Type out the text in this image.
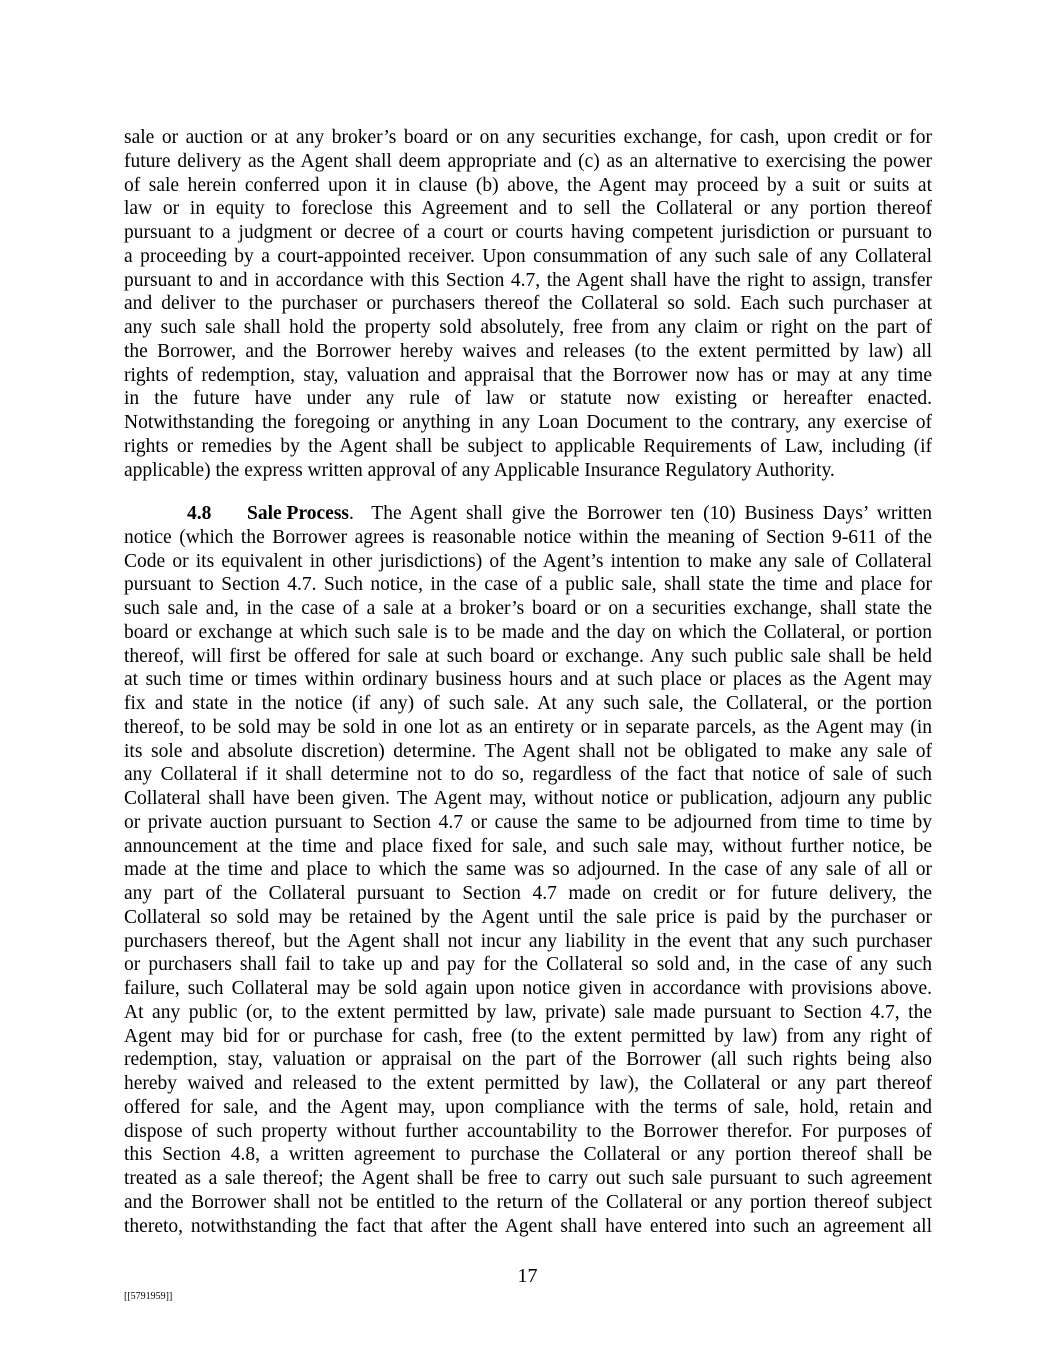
sale or auction or at any broker’s board or on any securities exchange, for cash, upon credit or for
future delivery as the Agent shall deem appropriate and (c) as an alternative to exercising the power
of sale herein conferred upon it in clause (b) above, the Agent may proceed by a suit or suits at
law or in equity to foreclose this Agreement and to sell the Collateral or any portion thereof
pursuant to a judgment or decree of a court or courts having competent jurisdiction or pursuant to
a proceeding by a court-appointed receiver. Upon consummation of any such sale of any Collateral
pursuant to and in accordance with this Section 4.7, the Agent shall have the right to assign, transfer
and deliver to the purchaser or purchasers thereof the Collateral so sold. Each such purchaser at
any such sale shall hold the property sold absolutely, free from any claim or right on the part of
the Borrower, and the Borrower hereby waives and releases (to the extent permitted by law) all
rights of redemption, stay, valuation and appraisal that the Borrower now has or may at any time
in the future have under any rule of law or statute now existing or hereafter enacted.
Notwithstanding the foregoing or anything in any Loan Document to the contrary, any exercise of
rights or remedies by the Agent shall be subject to applicable Requirements of Law, including (if
applicable) the express written approval of any Applicable Insurance Regulatory Authority.
4.8	Sale Process .  The Agent shall give the Borrower ten (10) Business Days’ written
notice (which the Borrower agrees is reasonable notice within the meaning of Section 9-611 of the
Code or its equivalent in other jurisdictions) of the Agent’s intention to make any sale of Collateral
pursuant to Section 4.7. Such notice, in the case of a public sale, shall state the time and place for
such sale and, in the case of a sale at a broker’s board or on a securities exchange, shall state the
board or exchange at which such sale is to be made and the day on which the Collateral, or portion
thereof, will first be offered for sale at such board or exchange. Any such public sale shall be held
at such time or times within ordinary business hours and at such place or places as the Agent may
fix and state in the notice (if any) of such sale. At any such sale, the Collateral, or the portion
thereof, to be sold may be sold in one lot as an entirety or in separate parcels, as the Agent may (in
its sole and absolute discretion) determine. The Agent shall not be obligated to make any sale of
any Collateral if it shall determine not to do so, regardless of the fact that notice of sale of such
Collateral shall have been given. The Agent may, without notice or publication, adjourn any public
or private auction pursuant to Section 4.7 or cause the same to be adjourned from time to time by
announcement at the time and place fixed for sale, and such sale may, without further notice, be
made at the time and place to which the same was so adjourned. In the case of any sale of all or
any part of the Collateral pursuant to Section 4.7 made on credit or for future delivery, the
Collateral so sold may be retained by the Agent until the sale price is paid by the purchaser or
purchasers thereof, but the Agent shall not incur any liability in the event that any such purchaser
or purchasers shall fail to take up and pay for the Collateral so sold and, in the case of any such
failure, such Collateral may be sold again upon notice given in accordance with provisions above.
At any public (or, to the extent permitted by law, private) sale made pursuant to Section 4.7, the
Agent may bid for or purchase for cash, free (to the extent permitted by law) from any right of
redemption, stay, valuation or appraisal on the part of the Borrower (all such rights being also
hereby waived and released to the extent permitted by law), the Collateral or any part thereof
offered for sale, and the Agent may, upon compliance with the terms of sale, hold, retain and
dispose of such property without further accountability to the Borrower therefor. For purposes of
this Section 4.8, a written agreement to purchase the Collateral or any portion thereof shall be
treated as a sale thereof; the Agent shall be free to carry out such sale pursuant to such agreement
and the Borrower shall not be entitled to the return of the Collateral or any portion thereof subject
thereto, notwithstanding the fact that after the Agent shall have entered into such an agreement all
17
[[5791959]]
